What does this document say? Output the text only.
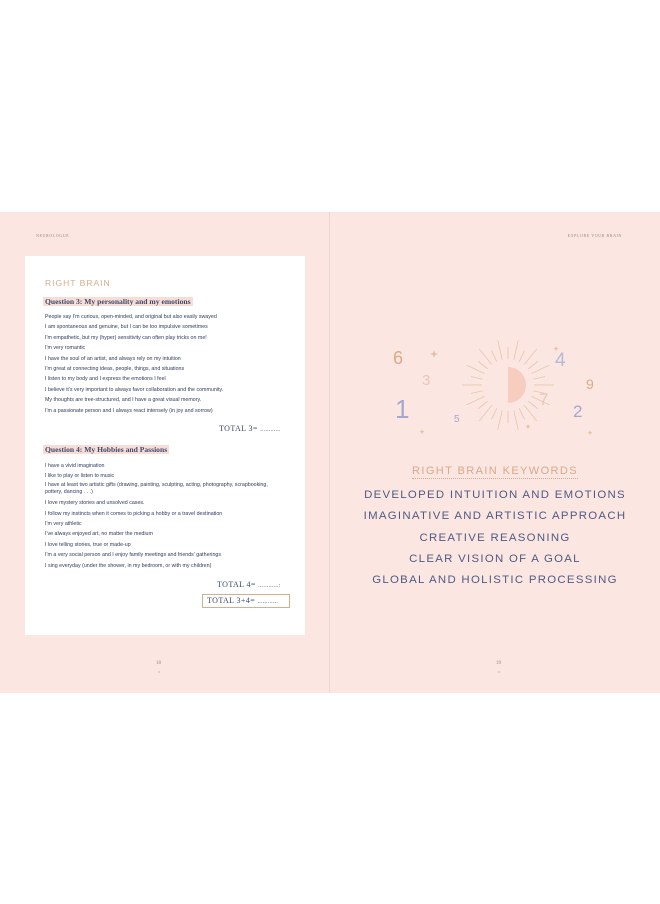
NEUROLOGUE	EXPLORE YOUR BRAIN
RIGHT BRAIN
Question 3: My personality and my emotions
People say I'm curious, open-minded, and original but also easily swayed
I am spontaneous and genuine, but I can be too impulsive sometimes
I'm empathetic, but my (hyper) sensitivity can often play tricks on me!
I'm very romantic
I have the soul of an artist, and always rely on my intuition
I'm great at connecting ideas, people, things, and situations
I listen to my body and I express the emotions I feel
I believe it's very important to always favor collaboration and the community.
My thoughts are tree-structured, and I have a great visual memory.
I'm a passionate person and I always react intensely (in joy and sorrow)
TOTAL 3= ............
Question 4: My Hobbies and Passions
I have a vivid imagination
I like to play or listen to music
I have at least two artistic gifts (drawing, painting, sculpting, acting, photography, scrapbooking, pottery, dancing . . .)
I love mystery stories and unsolved cases.
I follow my instincts when it comes to picking a hobby or a travel destination
I'm very athletic
I've always enjoyed art, no matter the medium
I love telling stories, true or made-up
I'm a very social person and I enjoy family meetings and friends' gatherings
I sing everyday (under the shower, in my bedroom, or with my children)
TOTAL 4= ............:
TOTAL 3+4= ............
18
6
3
1	5
4
9
7
2
RIGHT BRAIN KEYWORDS
DEVELOPED INTUITION AND EMOTIONS
IMAGINATIVE AND ARTISTIC APPROACH
CREATIVE REASONING
CLEAR VISION OF A GOAL
GLOBAL AND HOLISTIC PROCESSING
19
